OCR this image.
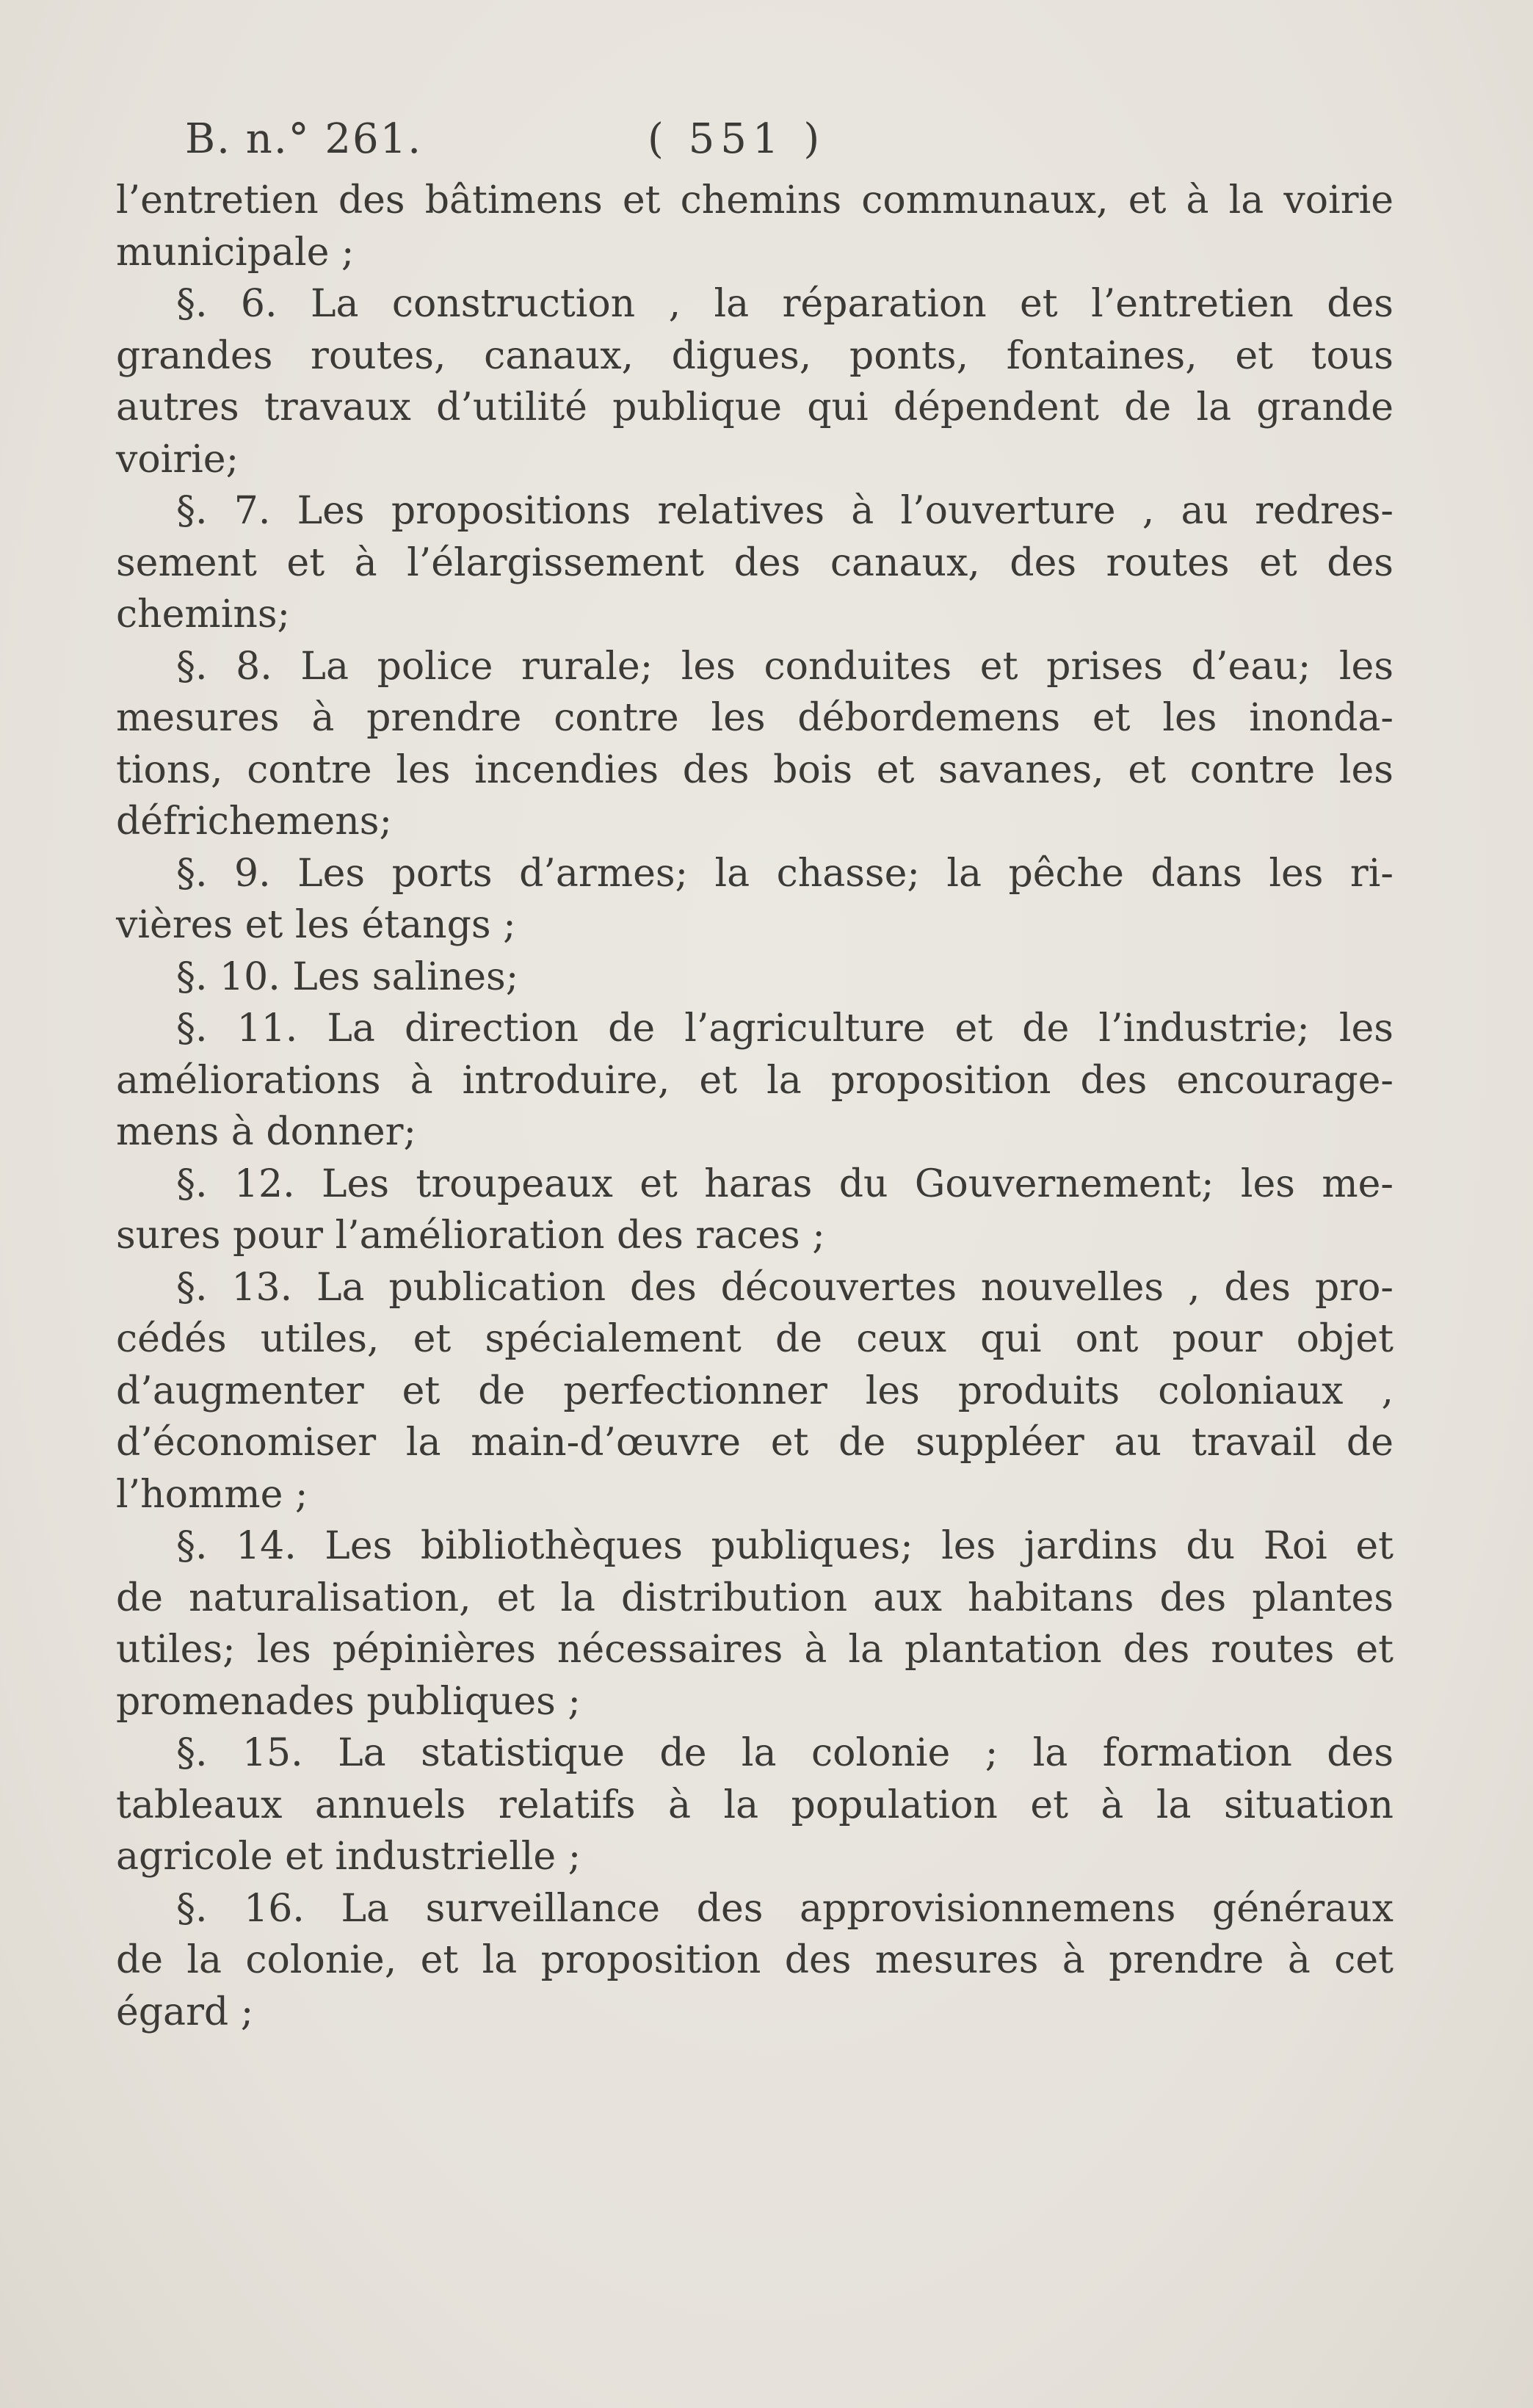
B. n.° 261.	( 551 )
l’entretien des bâtimens et chemins communaux, et à la voirie
municipale ;
§. 6. La construction , la réparation et l’entretien des
grandes routes, canaux, digues, ponts, fontaines, et tous
autres travaux d’utilité publique qui dépendent de la grande
voirie;
§. 7. Les propositions relatives à l’ouverture , au redres-
sement et à l’élargissement des canaux, des routes et des
chemins;
§. 8. La police rurale; les conduites et prises d’eau; les
mesures à prendre contre les débordemens et les inonda-
tions, contre les incendies des bois et savanes, et contre les
défrichemens;
§. 9. Les ports d’armes; la chasse; la pêche dans les ri-
vières et les étangs ;
§. 10. Les salines;
§. 11. La direction de l’agriculture et de l’industrie; les
améliorations à introduire, et la proposition des encourage-
mens à donner;
§. 12. Les troupeaux et haras du Gouvernement; les me-
sures pour l’amélioration des races ;
§. 13. La publication des découvertes nouvelles , des pro-
cédés utiles, et spécialement de ceux qui ont pour objet
d’augmenter et de perfectionner les produits coloniaux ,
d’économiser la main-d’œuvre et de suppléer au travail de
l’homme ;
§. 14. Les bibliothèques publiques; les jardins du Roi et
de naturalisation, et la distribution aux habitans des plantes
utiles; les pépinières nécessaires à la plantation des routes et
promenades publiques ;
§. 15. La statistique de la colonie ; la formation des
tableaux annuels relatifs à la population et à la situation
agricole et industrielle ;
§. 16. La surveillance des approvisionnemens généraux
de la colonie, et la proposition des mesures à prendre à cet
égard ;
